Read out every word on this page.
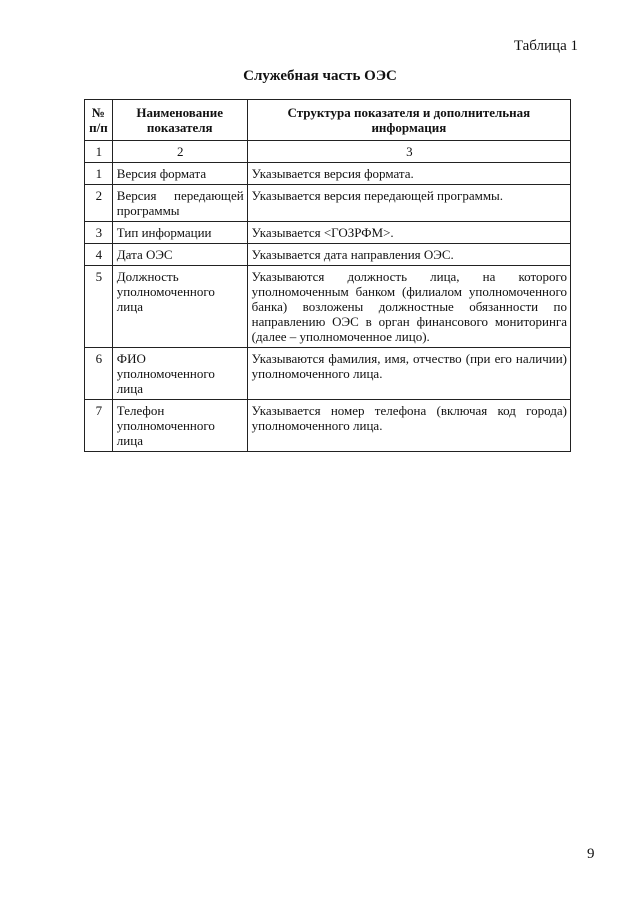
Таблица 1
Служебная часть ОЭС
№ п/п	Наименование показателя	Структура показателя и дополнительная информация
1	2	3
1	Версия формата	Указывается версия формата.
2	Версия передающей программы	Указывается версия передающей программы.
3	Тип информации	Указывается <ГОЗРФМ>.
4	Дата ОЭС	Указывается дата направления ОЭС.
5	Должность уполномоченного лица	Указываются должность лица, на которого уполномоченным банком (филиалом уполномоченного банка) возложены должностные обязанности по направлению ОЭС в орган финансового мониторинга (далее – уполномоченное лицо).
6	ФИО уполномоченного лица	Указываются фамилия, имя, отчество (при его наличии) уполномоченного лица.
7	Телефон уполномоченного лица	Указывается номер телефона (включая код города) уполномоченного лица.
9
